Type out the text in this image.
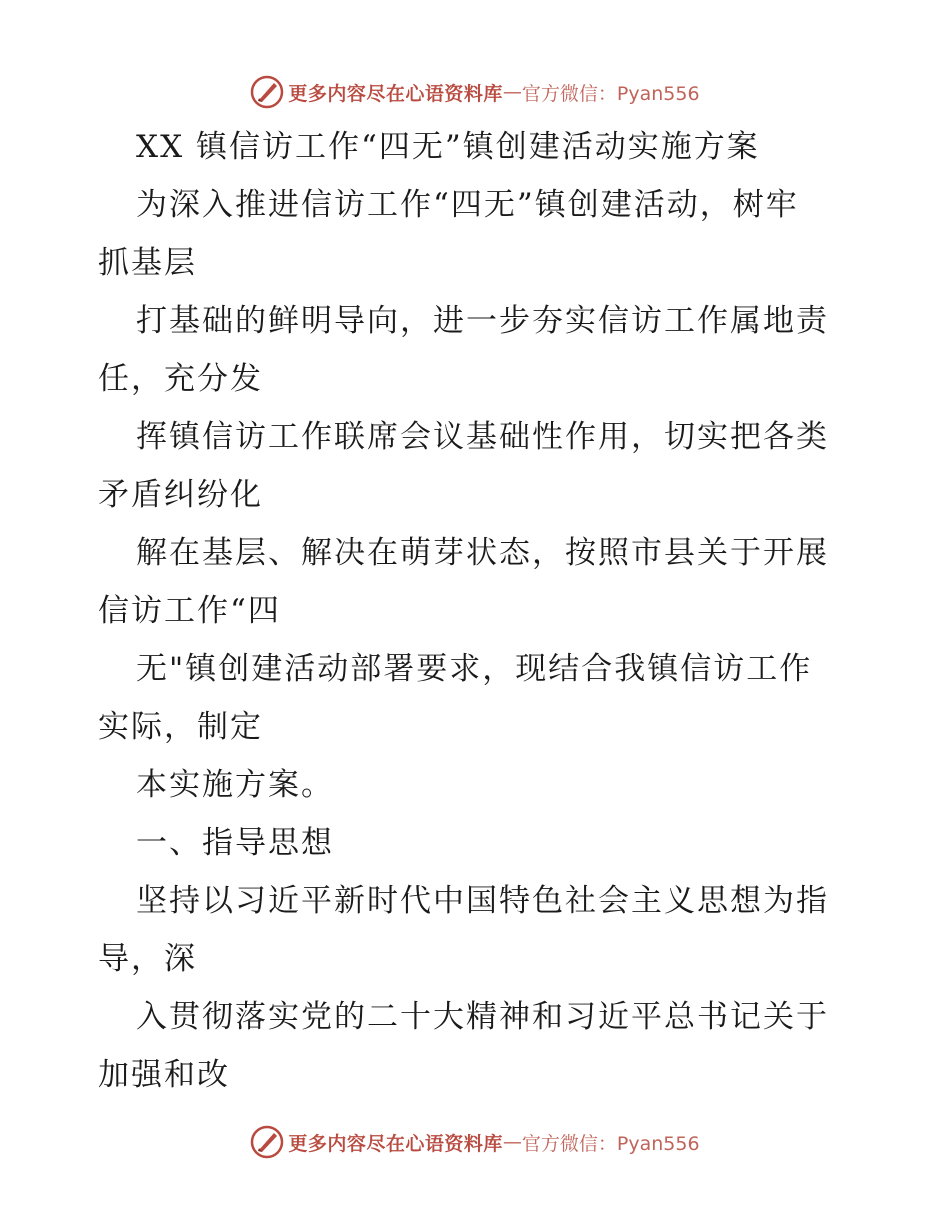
更多内容尽在心语资料库 — 官方微信：Pyan556
XX 镇信访工作“四无”镇创建活动实施方案
为深入推进信访工作“四无”镇创建活动，树牢
抓基层
打基础的鲜明导向，进一步夯实信访工作属地责
任，充分发
挥镇信访工作联席会议基础性作用，切实把各类
矛盾纠纷化
解在基层、解决在萌芽状态，按照市县关于开展
信访工作“四
无"镇创建活动部署要求，现结合我镇信访工作
实际，制定
本实施方案。
一、指导思想
坚持以习近平新时代中国特色社会主义思想为指
导，深
入贯彻落实党的二十大精神和习近平总书记关于
加强和改
更多内容尽在心语资料库 — 官方微信：Pyan556
